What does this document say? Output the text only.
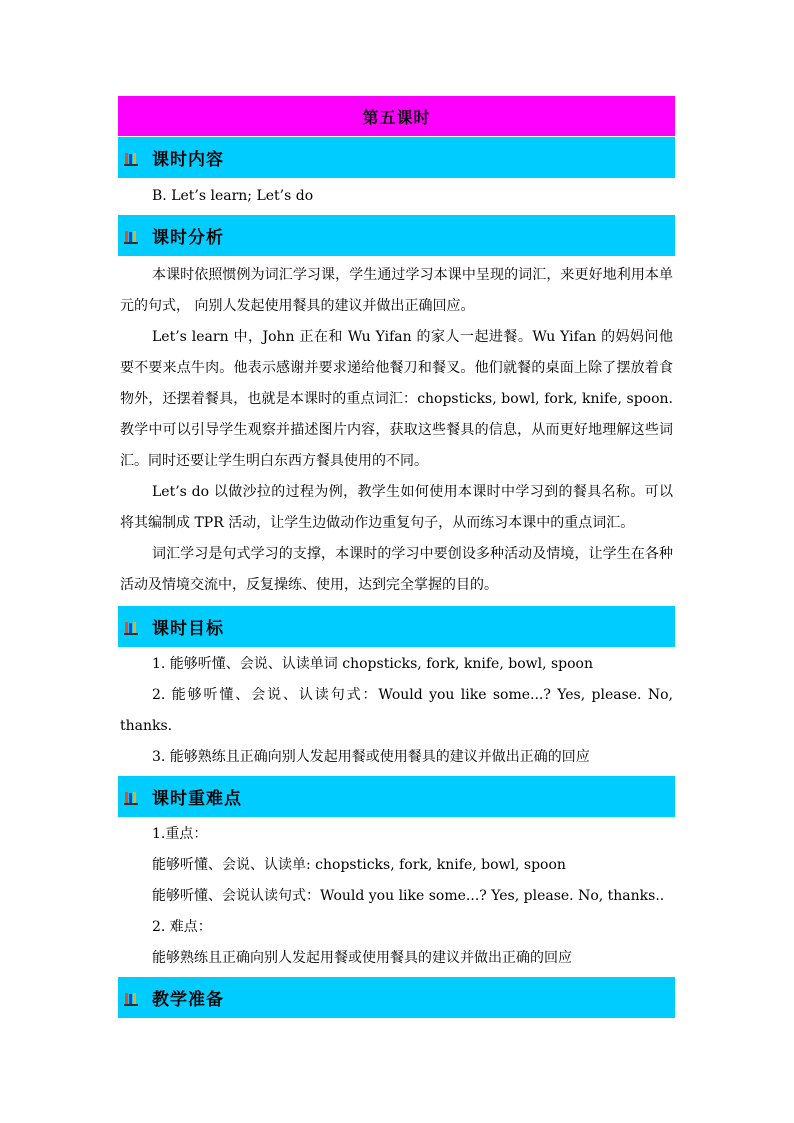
第五课时
课时内容

B. Let’s learn; Let’s do

课时分析

本课时依照惯例为词汇学习课，学生通过学习本课中呈现的词汇，来更好地利用本单元的句式， 向别人发起使用餐具的建议并做出正确回应。

Let’s learn 中，John 正在和 Wu Yifan 的家人一起进餐。Wu Yifan 的妈妈问他要不要来点牛肉。他表示感谢并要求递给他餐刀和餐叉。他们就餐的桌面上除了摆放着食物外，还摆着餐具，也就是本课时的重点词汇：chopsticks, bowl, fork, knife, spoon. 教学中可以引导学生观察并描述图片内容，获取这些餐具的信息，从而更好地理解这些词汇。同时还要让学生明白东西方餐具使用的不同。

Let’s do 以做沙拉的过程为例，教学生如何使用本课时中学习到的餐具名称。可以将其编制成 TPR 活动，让学生边做动作边重复句子，从而练习本课中的重点词汇。

词汇学习是句式学习的支撑，本课时的学习中要创设多种活动及情境，让学生在各种活动及情境交流中，反复操练、使用，达到完全掌握的目的。

课时目标

1. 能够听懂、会说、认读单词 chopsticks, fork, knife, bowl, spoon

2. 能够听懂、会说、认读句式：Would you like some...? Yes, please. No, thanks.

3. 能够熟练且正确向别人发起用餐或使用餐具的建议并做出正确的回应

课时重难点

1.重点：

能够听懂、会说、认读单: chopsticks, fork, knife, bowl, spoon

能够听懂、会说认读句式：Would you like some...? Yes, please. No, thanks..

2. 难点：

能够熟练且正确向别人发起用餐或使用餐具的建议并做出正确的回应

教学准备
